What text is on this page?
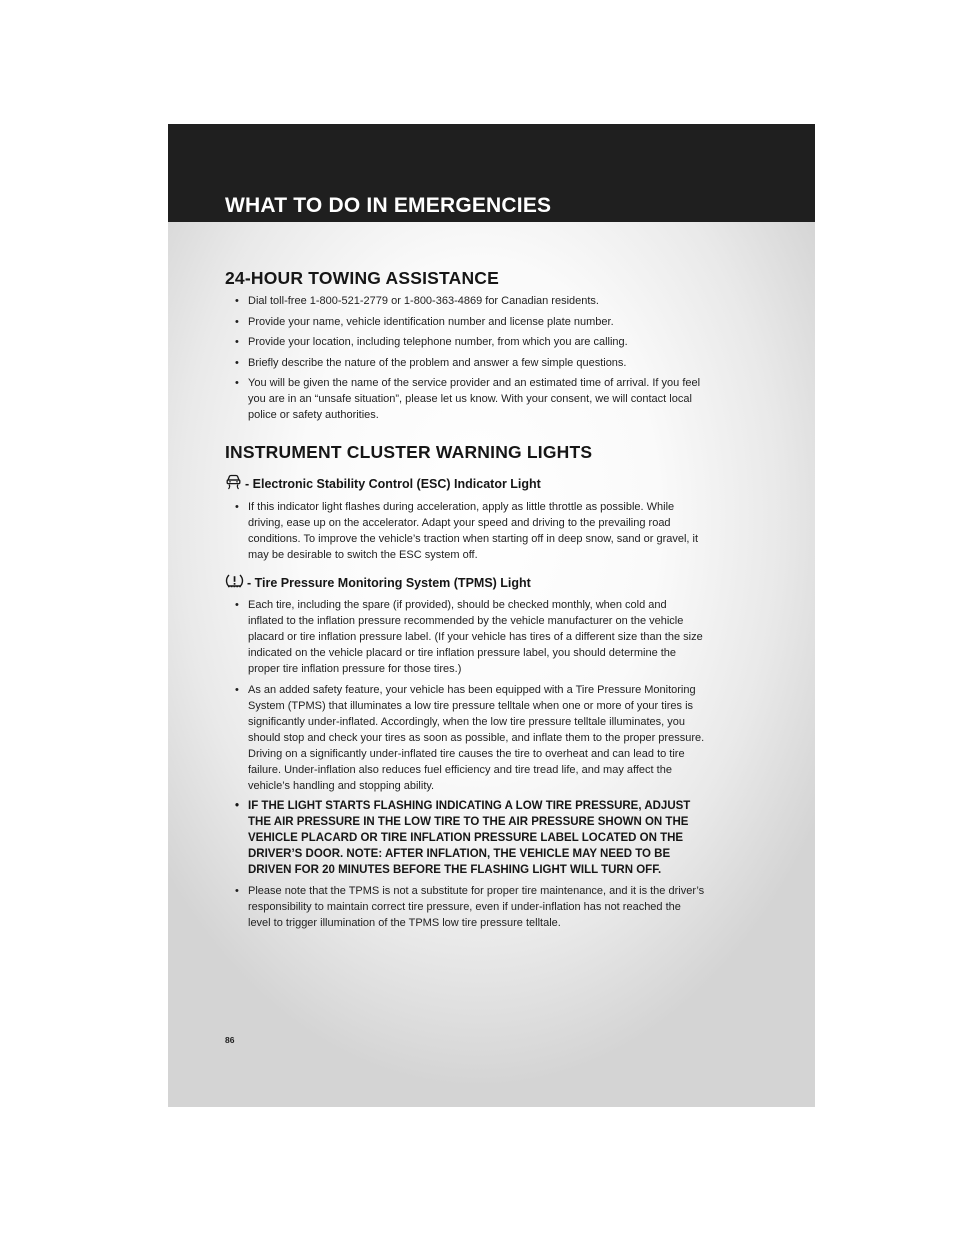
WHAT TO DO IN EMERGENCIES
24-HOUR TOWING ASSISTANCE
• Dial toll-free 1-800-521-2779 or 1-800-363-4869 for Canadian residents.
• Provide your name, vehicle identification number and license plate number.
• Provide your location, including telephone number, from which you are calling.
• Briefly describe the nature of the problem and answer a few simple questions.
• You will be given the name of the service provider and an estimated time of arrival. If you feel you are in an “unsafe situation”, please let us know. With your consent, we will contact local police or safety authorities.
INSTRUMENT CLUSTER WARNING LIGHTS
- Electronic Stability Control (ESC) Indicator Light
• If this indicator light flashes during acceleration, apply as little throttle as possible. While driving, ease up on the accelerator. Adapt your speed and driving to the prevailing road conditions. To improve the vehicle’s traction when starting off in deep snow, sand or gravel, it may be desirable to switch the ESC system off.
- Tire Pressure Monitoring System (TPMS) Light
• Each tire, including the spare (if provided), should be checked monthly, when cold and inflated to the inflation pressure recommended by the vehicle manufacturer on the vehicle placard or tire inflation pressure label. (If your vehicle has tires of a different size than the size indicated on the vehicle placard or tire inflation pressure label, you should determine the proper tire inflation pressure for those tires.)
• As an added safety feature, your vehicle has been equipped with a Tire Pressure Monitoring System (TPMS) that illuminates a low tire pressure telltale when one or more of your tires is significantly under-inflated. Accordingly, when the low tire pressure telltale illuminates, you should stop and check your tires as soon as possible, and inflate them to the proper pressure. Driving on a significantly under-inflated tire causes the tire to overheat and can lead to tire failure. Under-inflation also reduces fuel efficiency and tire tread life, and may affect the vehicle’s handling and stopping ability.
• IF THE LIGHT STARTS FLASHING INDICATING A LOW TIRE PRESSURE, ADJUST THE AIR PRESSURE IN THE LOW TIRE TO THE AIR PRESSURE SHOWN ON THE VEHICLE PLACARD OR TIRE INFLATION PRESSURE LABEL LOCATED ON THE DRIVER’S DOOR. NOTE: AFTER INFLATION, THE VEHICLE MAY NEED TO BE DRIVEN FOR 20 MINUTES BEFORE THE FLASHING LIGHT WILL TURN OFF.
• Please note that the TPMS is not a substitute for proper tire maintenance, and it is the driver’s responsibility to maintain correct tire pressure, even if under-inflation has not reached the level to trigger illumination of the TPMS low tire pressure telltale.
86
